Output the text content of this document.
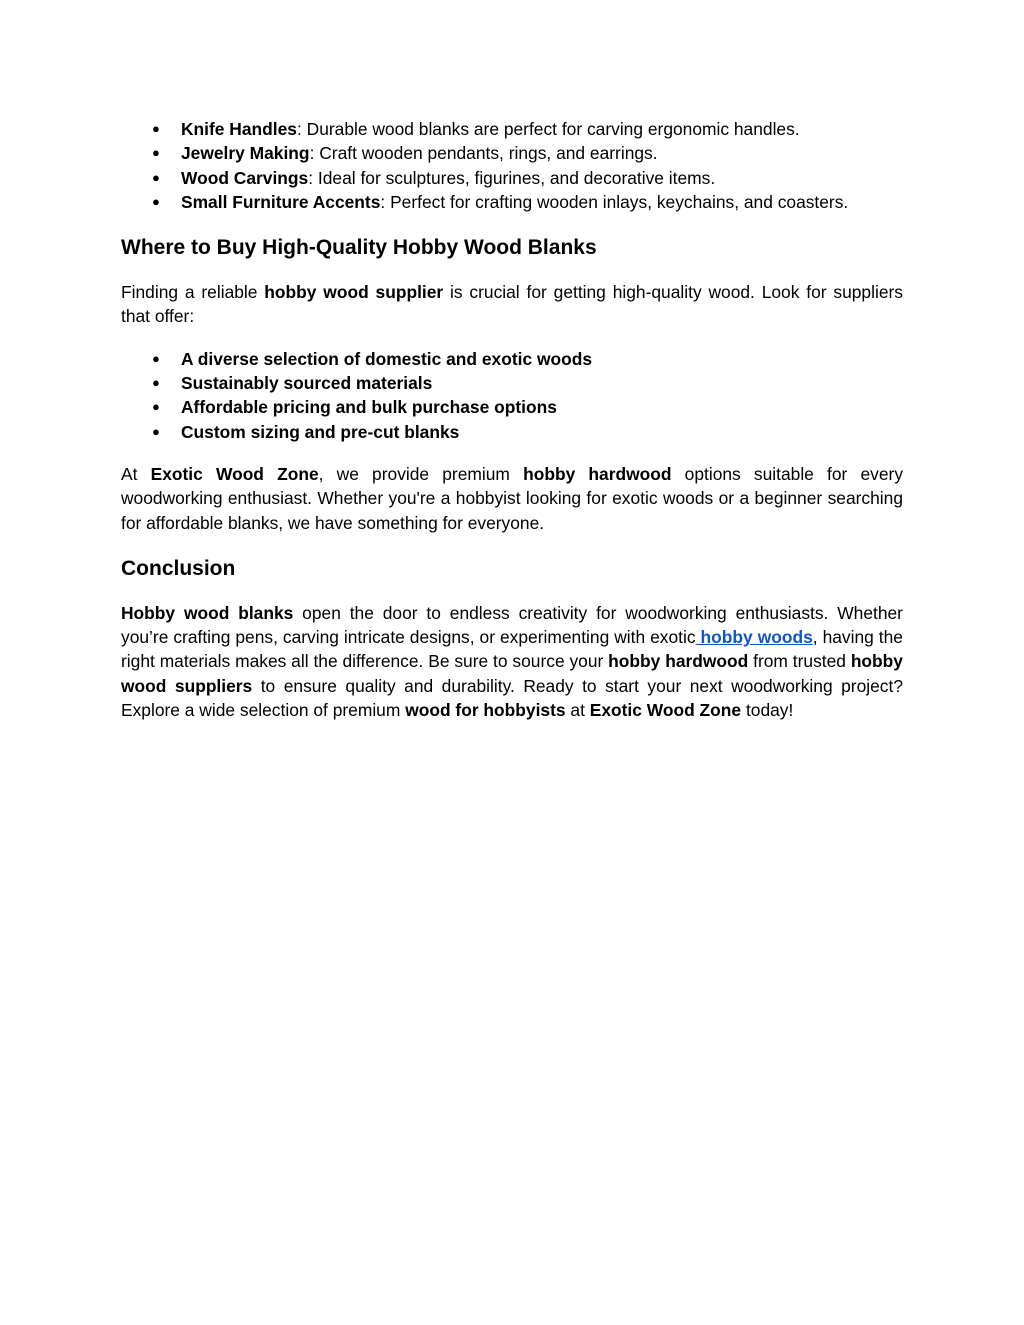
● Knife Handles: Durable wood blanks are perfect for carving ergonomic handles.
● Jewelry Making: Craft wooden pendants, rings, and earrings.
● Wood Carvings: Ideal for sculptures, figurines, and decorative items.
● Small Furniture Accents: Perfect for crafting wooden inlays, keychains, and coasters.
Where to Buy High-Quality Hobby Wood Blanks

Finding a reliable hobby wood supplier is crucial for getting high-quality wood. Look for suppliers that offer:

● A diverse selection of domestic and exotic woods
● Sustainably sourced materials
● Affordable pricing and bulk purchase options
● Custom sizing and pre-cut blanks

At Exotic Wood Zone, we provide premium hobby hardwood options suitable for every woodworking enthusiast. Whether you're a hobbyist looking for exotic woods or a beginner searching for affordable blanks, we have something for everyone.

Conclusion

Hobby wood blanks open the door to endless creativity for woodworking enthusiasts. Whether you’re crafting pens, carving intricate designs, or experimenting with exotic hobby woods, having the right materials makes all the difference. Be sure to source your hobby hardwood from trusted hobby wood suppliers to ensure quality and durability. Ready to start your next woodworking project? Explore a wide selection of premium wood for hobbyists at Exotic Wood Zone today!
